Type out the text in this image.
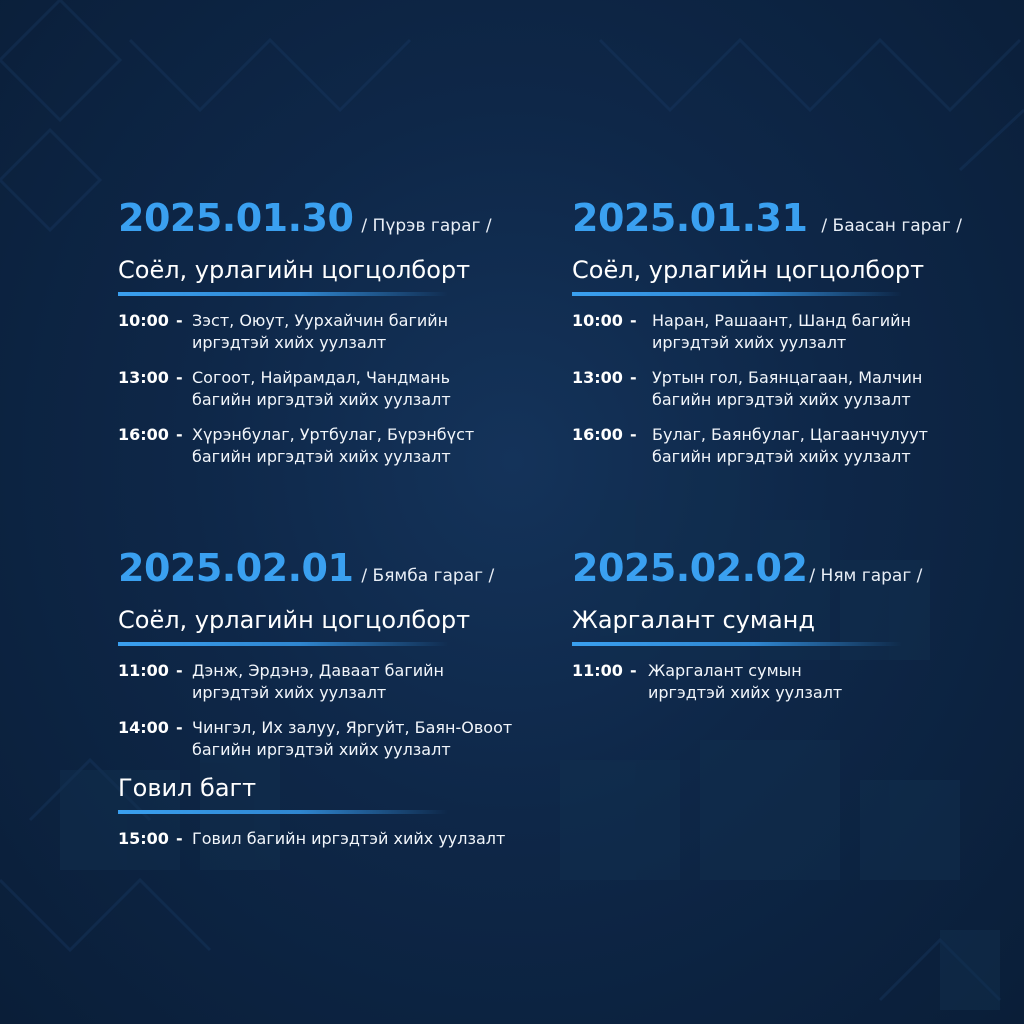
2025.01.30 / Пүрэв гараг /
Соёл, урлагийн цогцолборт
10:00 - Зэст, Оюут, Уурхайчин багийн
иргэдтэй хийх уулзалт
13:00 - Согоот, Найрамдал, Чандмань
багийн иргэдтэй хийх уулзалт
16:00 - Хүрэнбулаг, Уртбулаг, Бүрэнбүст
багийн иргэдтэй хийх уулзалт
2025.01.31 / Баасан гараг /
Соёл, урлагийн цогцолборт
10:00 - Наран, Рашаант, Шанд багийн
иргэдтэй хийх уулзалт
13:00 - Уртын гол, Баянцагаан, Малчин
багийн иргэдтэй хийх уулзалт
16:00 - Булаг, Баянбулаг, Цагаанчулуут
багийн иргэдтэй хийх уулзалт
2025.02.01 / Бямба гараг /
Соёл, урлагийн цогцолборт
11:00 - Дэнж, Эрдэнэ, Даваат багийн
иргэдтэй хийх уулзалт
14:00 - Чингэл, Их залуу, Яргуйт, Баян-Овоот
багийн иргэдтэй хийх уулзалт
Говил багт
15:00 - Говил багийн иргэдтэй хийх уулзалт
2025.02.02 / Ням гараг /
Жаргалант суманд
11:00 - Жаргалант сумын
иргэдтэй хийх уулзалт
